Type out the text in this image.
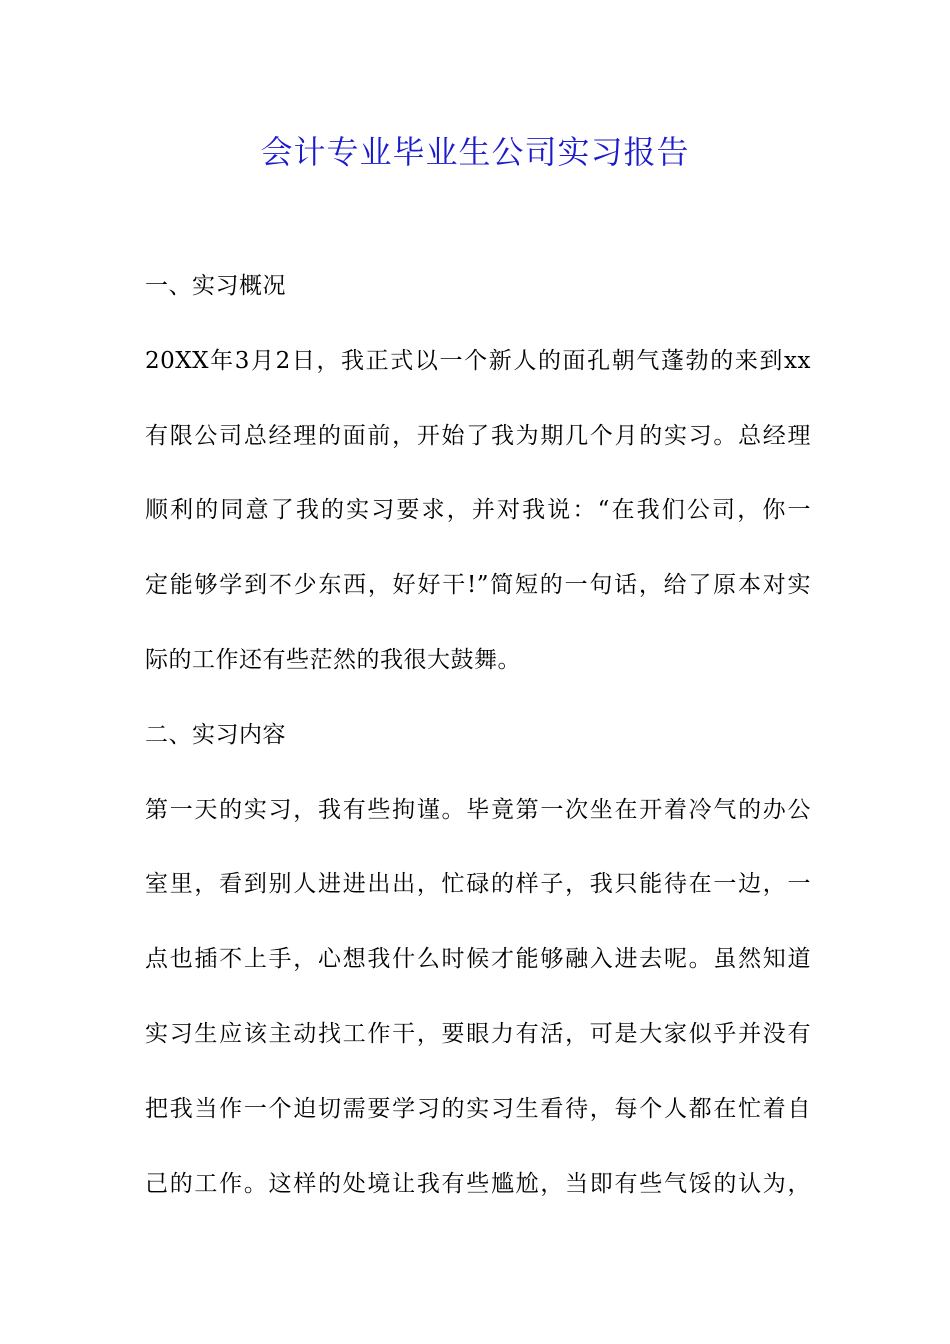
会计专业毕业生公司实习报告
一、实习概况
20XX年3月2日，我正式以一个新人的面孔朝气蓬勃的来到xx
有限公司总经理的面前，开始了我为期几个月的实习。总经理
顺利的同意了我的实习要求，并对我说：“在我们公司，你一
定能够学到不少东西，好好干!”简短的一句话，给了原本对实
际的工作还有些茫然的我很大鼓舞。
二、实习内容
第一天的实习，我有些拘谨。毕竟第一次坐在开着冷气的办公
室里，看到别人进进出出，忙碌的样子，我只能待在一边，一
点也插不上手，心想我什么时候才能够融入进去呢。虽然知道
实习生应该主动找工作干，要眼力有活，可是大家似乎并没有
把我当作一个迫切需要学习的实习生看待，每个人都在忙着自
己的工作。这样的处境让我有些尴尬，当即有些气馁的认为，
